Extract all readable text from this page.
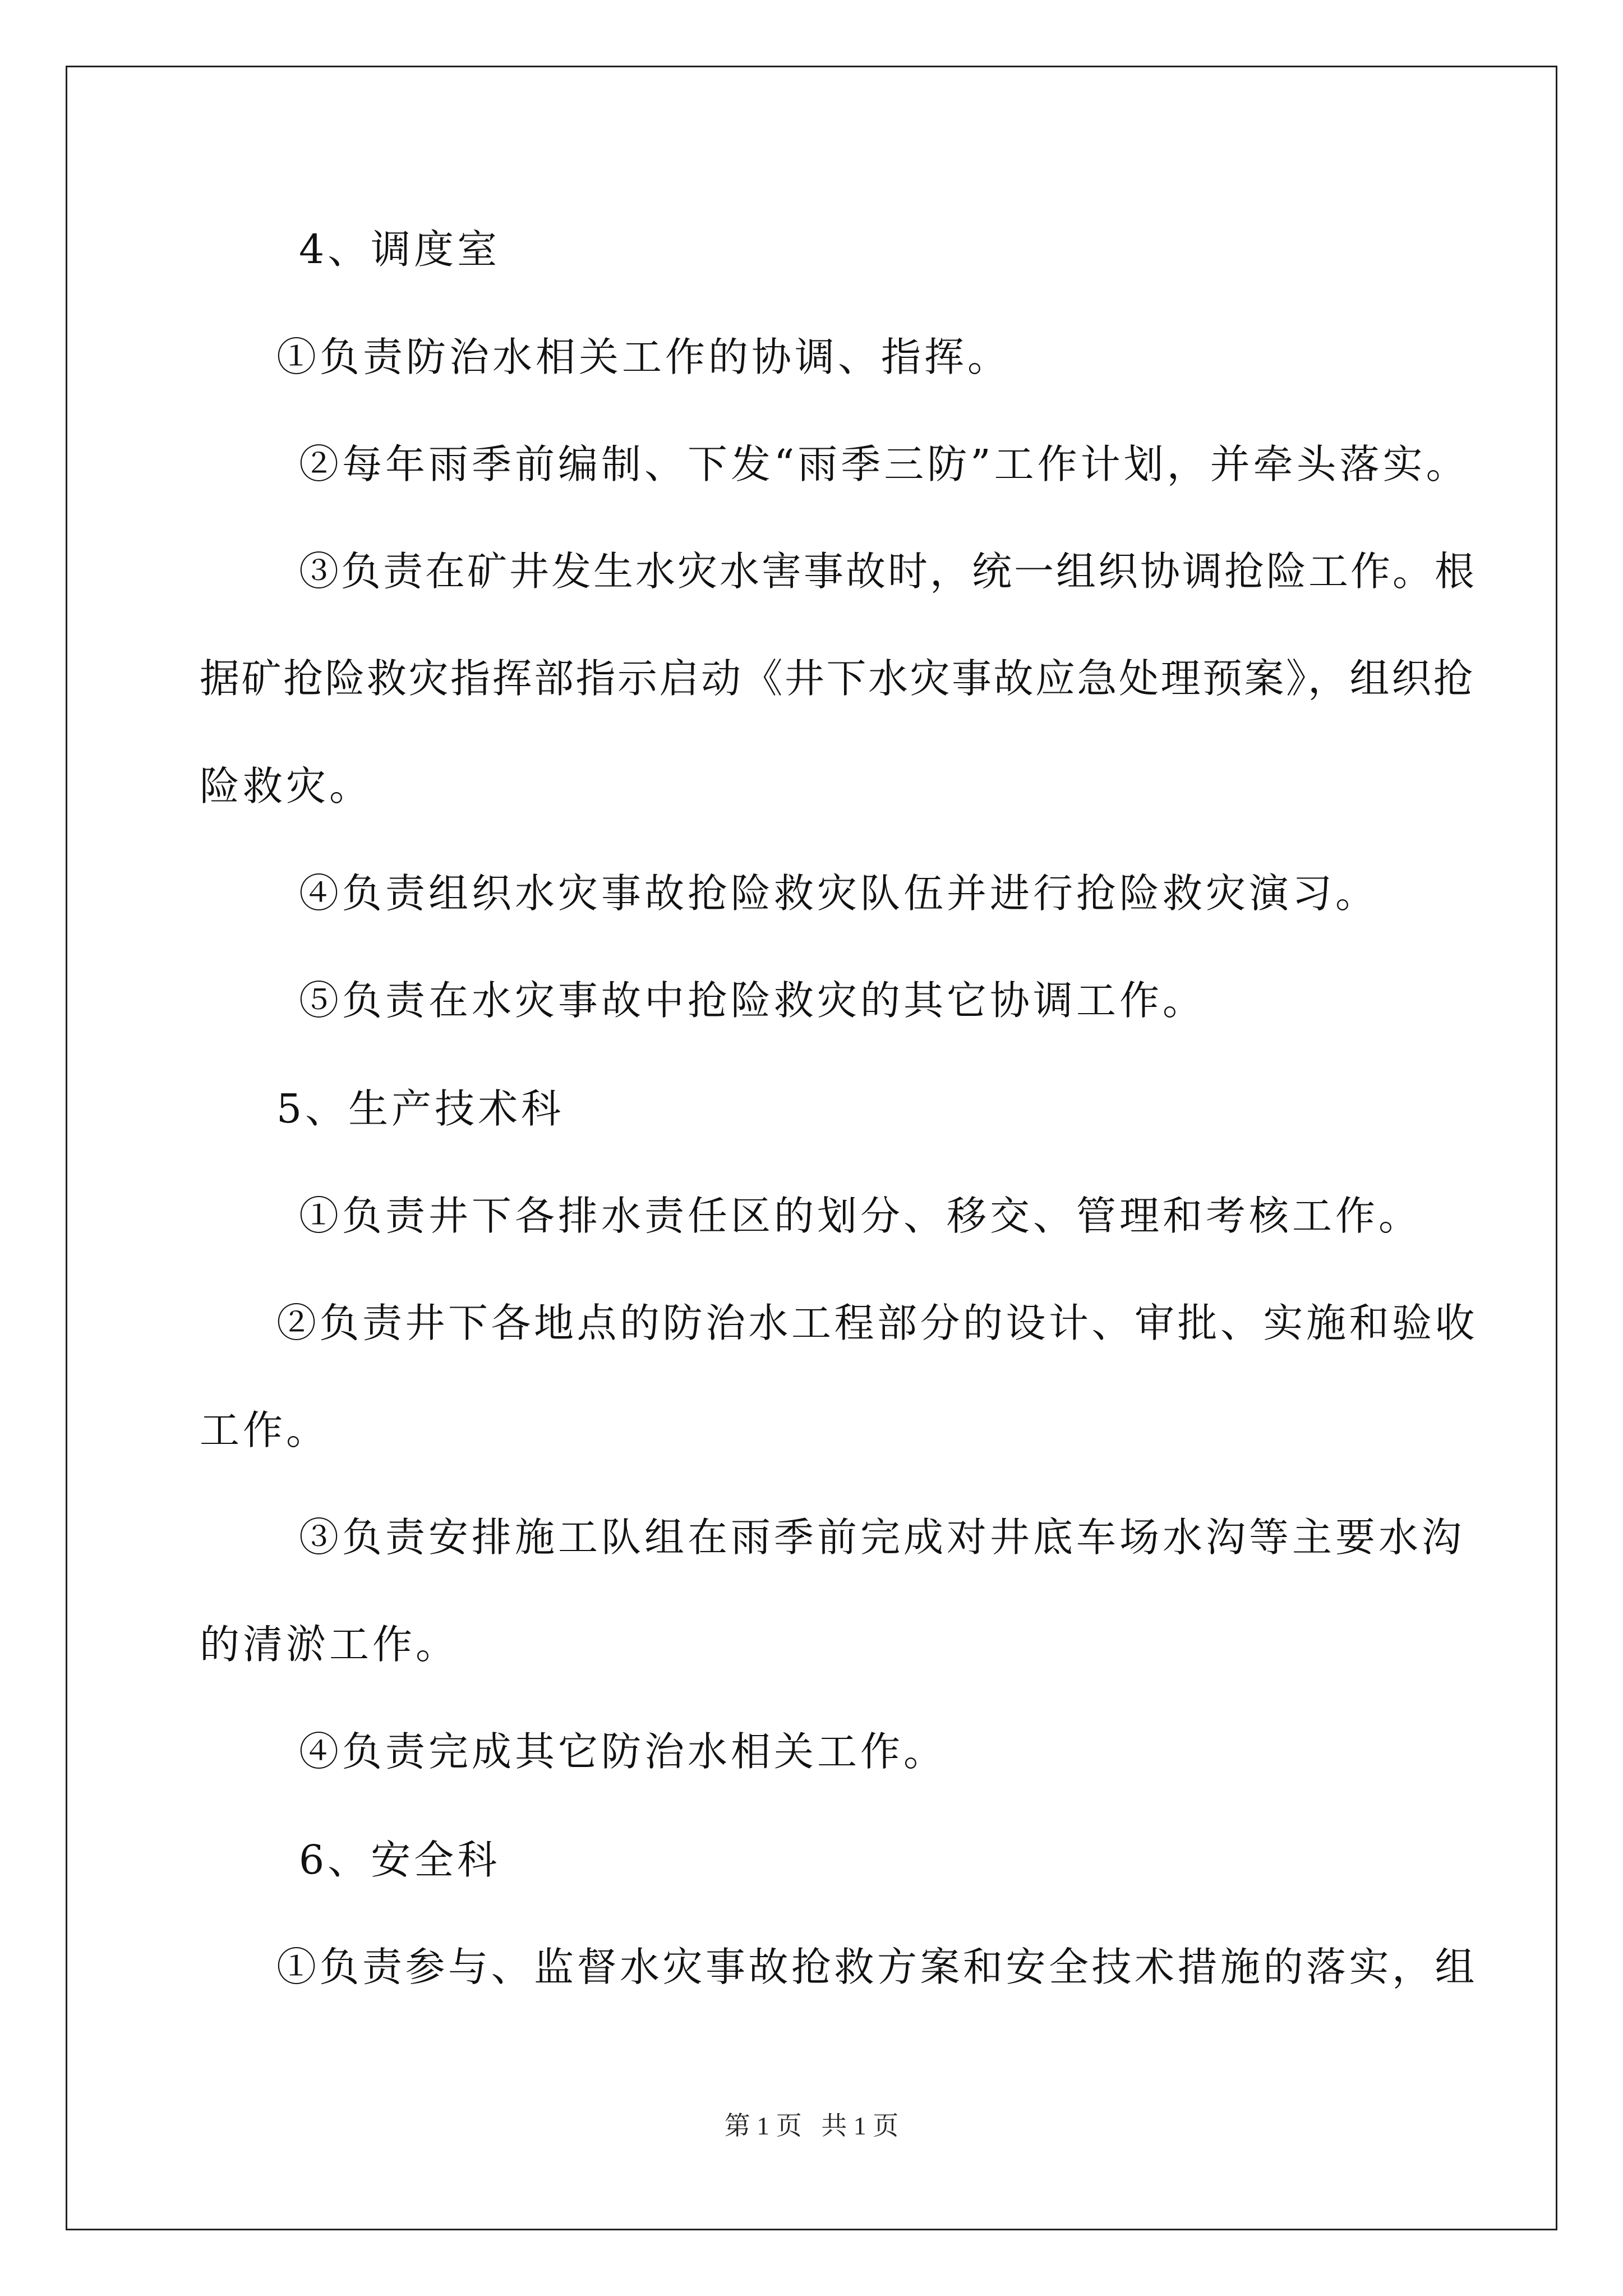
4、调度室
①负责防治水相关工作的协调、指挥。
②每年雨季前编制、下发“雨季三防”工作计划，并牵头落实。
③负责在矿井发生水灾水害事故时，统一组织协调抢险工作。根
据矿抢险救灾指挥部指示启动《井下水灾事故应急处理预案》，组织抢
险救灾。
④负责组织水灾事故抢险救灾队伍并进行抢险救灾演习。
⑤负责在水灾事故中抢险救灾的其它协调工作。
5、生产技术科
①负责井下各排水责任区的划分、移交、管理和考核工作。
②负责井下各地点的防治水工程部分的设计、审批、实施和验收
工作。
③负责安排施工队组在雨季前完成对井底车场水沟等主要水沟
的清淤工作。
④负责完成其它防治水相关工作。
6、安全科
①负责参与、监督水灾事故抢救方案和安全技术措施的落实，组
第 1 页 共 1 页
